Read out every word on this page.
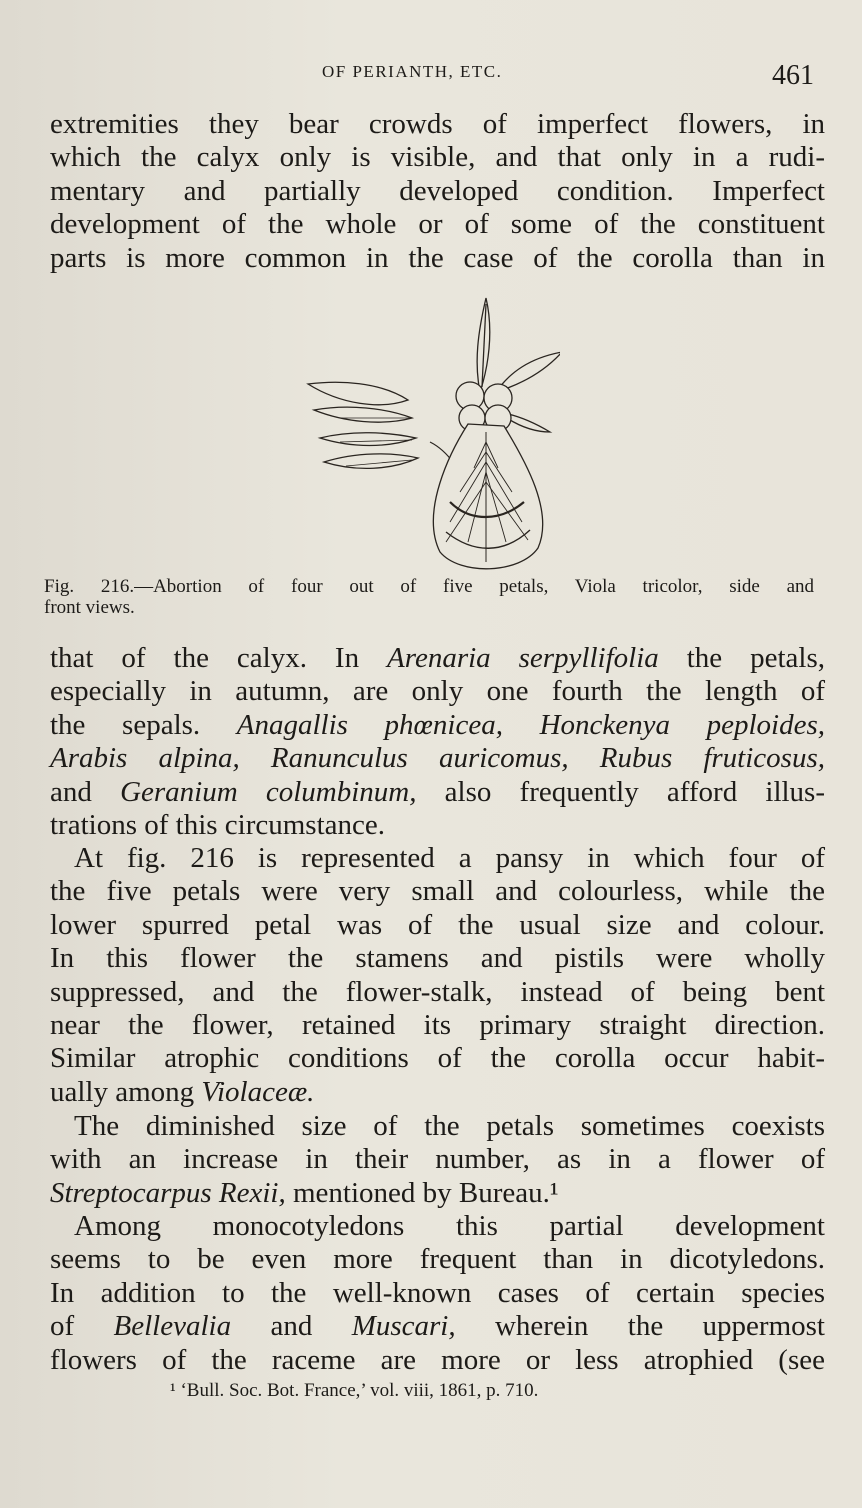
OF PERIANTH, ETC.	461
extremities they bear crowds of imperfect flowers, in
which the calyx only is visible, and that only in a rudi-
mentary and partially developed condition. Imperfect
development of the whole or of some of the constituent
parts is more common in the case of the corolla than in
Fig. 216.—Abortion of four out of five petals, Viola tricolor, side and
front views.
that of the calyx. In Arenaria serpyllifolia the petals,
especially in autumn, are only one fourth the length of
the sepals. Anagallis phœnicea, Honckenya peploides,
Arabis alpina, Ranunculus auricomus, Rubus fruticosus,
and Geranium columbinum, also frequently afford illus-
trations of this circumstance.
At fig. 216 is represented a pansy in which four of
the five petals were very small and colourless, while the
lower spurred petal was of the usual size and colour.
In this flower the stamens and pistils were wholly
suppressed, and the flower-stalk, instead of being bent
near the flower, retained its primary straight direction.
Similar atrophic conditions of the corolla occur habit-
ually among Violaceæ.
The diminished size of the petals sometimes coexists
with an increase in their number, as in a flower of
Streptocarpus Rexii, mentioned by Bureau.¹
Among monocotyledons this partial development
seems to be even more frequent than in dicotyledons.
In addition to the well-known cases of certain species
of Bellevalia and Muscari, wherein the uppermost
flowers of the raceme are more or less atrophied (see
¹ ‘Bull. Soc. Bot. France,’ vol. viii, 1861, p. 710.
